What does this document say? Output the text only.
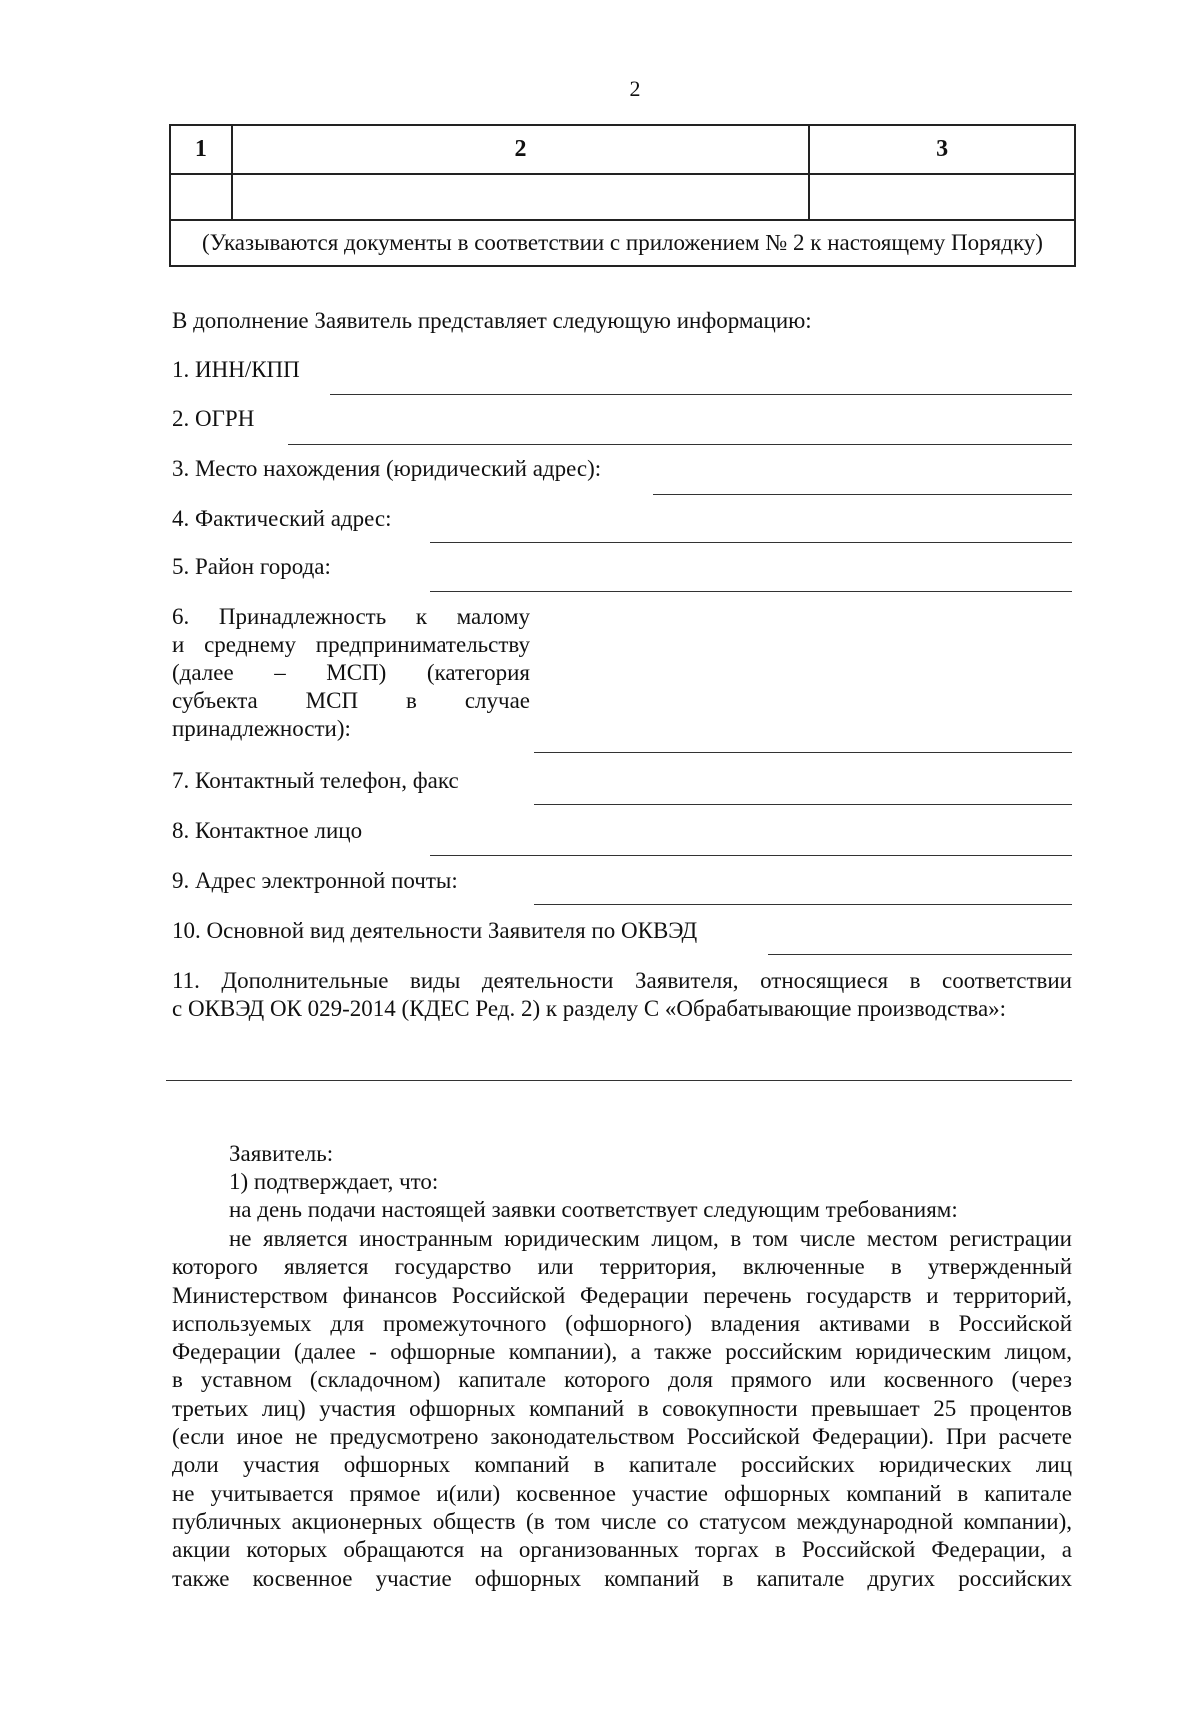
2
1	2	3

(Указываются документы в соответствии с приложением № 2 к настоящему Порядку)		
В дополнение Заявитель представляет следующую информацию:
1. ИНН/КПП
2. ОГРН
3. Место нахождения (юридический адрес):
4. Фактический адрес:
5. Район города:
6. Принадлежность к малому
и среднему предпринимательству
(далее – МСП) (категория
субъекта МСП в случае
принадлежности):
7. Контактный телефон, факс
8. Контактное лицо
9. Адрес электронной почты:
10. Основной вид деятельности Заявителя по ОКВЭД
11. Дополнительные виды деятельности Заявителя, относящиеся в соответствии
с ОКВЭД ОК 029-2014 (КДЕС Ред. 2) к разделу С «Обрабатывающие производства»:
Заявитель:
1) подтверждает, что:
на день подачи настоящей заявки соответствует следующим требованиям:
не является иностранным юридическим лицом, в том числе местом регистрации
которого является государство или территория, включенные в утвержденный
Министерством финансов Российской Федерации перечень государств и территорий,
используемых для промежуточного (офшорного) владения активами в Российской
Федерации (далее - офшорные компании), а также российским юридическим лицом,
в уставном (складочном) капитале которого доля прямого или косвенного (через
третьих лиц) участия офшорных компаний в совокупности превышает 25 процентов
(если иное не предусмотрено законодательством Российской Федерации). При расчете
доли участия офшорных компаний в капитале российских юридических лиц
не учитывается прямое и(или) косвенное участие офшорных компаний в капитале
публичных акционерных обществ (в том числе со статусом международной компании),
акции которых обращаются на организованных торгах в Российской Федерации, а
также косвенное участие офшорных компаний в капитале других российских
